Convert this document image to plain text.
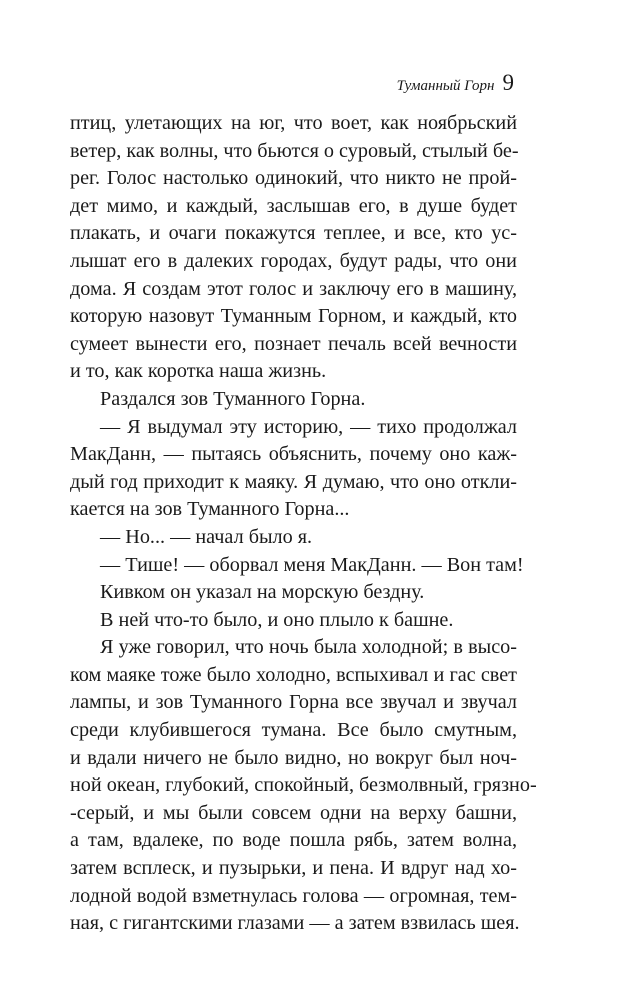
Туманный Горн 9
птиц, улетающих на юг, что воет, как ноябрьский
ветер, как волны, что бьются о суровый, стылый бе-
рег. Голос настолько одинокий, что никто не прой-
дет мимо, и каждый, заслышав его, в душе будет
плакать, и очаги покажутся теплее, и все, кто ус-
лышат его в далеких городах, будут рады, что они
дома. Я создам этот голос и заключу его в машину,
которую назовут Туманным Горном, и каждый, кто
сумеет вынести его, познает печаль всей вечности
и то, как коротка наша жизнь.
Раздался зов Туманного Горна.
— Я выдумал эту историю, — тихо продолжал
МакДанн, — пытаясь объяснить, почему оно каж-
дый год приходит к маяку. Я думаю, что оно откли-
кается на зов Туманного Горна...
— Но... — начал было я.
— Тише! — оборвал меня МакДанн. — Вон там!
Кивком он указал на морскую бездну.
В ней что-то было, и оно плыло к башне.
Я уже говорил, что ночь была холодной; в высо-
ком маяке тоже было холодно, вспыхивал и гас свет
лампы, и зов Туманного Горна все звучал и звучал
среди клубившегося тумана. Все было смутным,
и вдали ничего не было видно, но вокруг был ноч-
ной океан, глубокий, спокойный, безмолвный, грязно-
-серый, и мы были совсем одни на верху башни,
а там, вдалеке, по воде пошла рябь, затем волна,
затем всплеск, и пузырьки, и пена. И вдруг над хо-
лодной водой взметнулась голова — огромная, тем-
ная, с гигантскими глазами — а затем взвилась шея.
